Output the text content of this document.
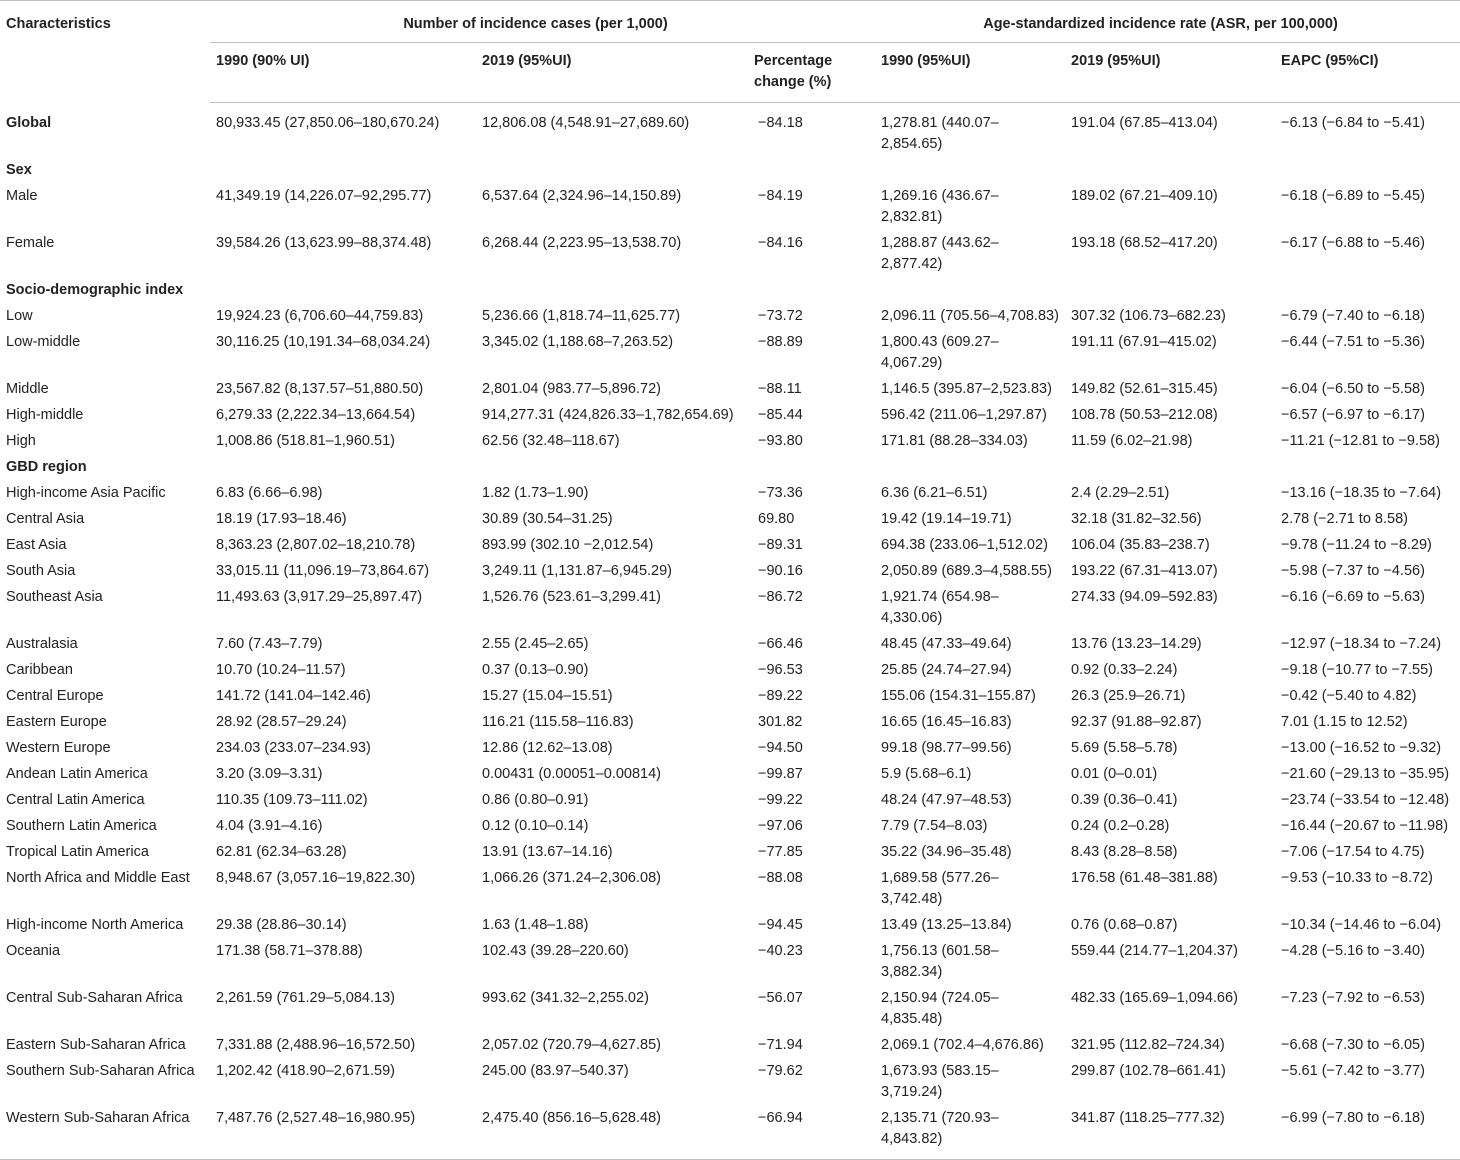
Characteristics	Number of incidence cases (per 1,000)			Age-standardized incidence rate (ASR, per 100,000)		
	1990 (90% UI)	2019 (95%UI)	Percentage change (%)	1990 (95%UI)	2019 (95%UI)	EAPC (95%CI)
Global	80,933.45 (27,850.06–180,670.24)	12,806.08 (4,548.91–27,689.60)	−84.18	1,278.81 (440.07–2,854.65)	191.04 (67.85–413.04)	−6.13 (−6.84 to −5.41)
Sex						
Male	41,349.19 (14,226.07–92,295.77)	6,537.64 (2,324.96–14,150.89)	−84.19	1,269.16 (436.67–2,832.81)	189.02 (67.21–409.10)	−6.18 (−6.89 to −5.45)
Female	39,584.26 (13,623.99–88,374.48)	6,268.44 (2,223.95–13,538.70)	−84.16	1,288.87 (443.62–2,877.42)	193.18 (68.52–417.20)	−6.17 (−6.88 to −5.46)
Socio-demographic index						
Low	19,924.23 (6,706.60–44,759.83)	5,236.66 (1,818.74–11,625.77)	−73.72	2,096.11 (705.56–4,708.83)	307.32 (106.73–682.23)	−6.79 (−7.40 to −6.18)
Low-middle	30,116.25 (10,191.34–68,034.24)	3,345.02 (1,188.68–7,263.52)	−88.89	1,800.43 (609.27–4,067.29)	191.11 (67.91–415.02)	−6.44 (−7.51 to −5.36)
Middle	23,567.82 (8,137.57–51,880.50)	2,801.04 (983.77–5,896.72)	−88.11	1,146.5 (395.87–2,523.83)	149.82 (52.61–315.45)	−6.04 (−6.50 to −5.58)
High-middle	6,279.33 (2,222.34–13,664.54)	914,277.31 (424,826.33–1,782,654.69)	−85.44	596.42 (211.06–1,297.87)	108.78 (50.53–212.08)	−6.57 (−6.97 to −6.17)
High	1,008.86 (518.81–1,960.51)	62.56 (32.48–118.67)	−93.80	171.81 (88.28–334.03)	11.59 (6.02–21.98)	−11.21 (−12.81 to −9.58)
GBD region						
High-income Asia Pacific	6.83 (6.66–6.98)	1.82 (1.73–1.90)	−73.36	6.36 (6.21–6.51)	2.4 (2.29–2.51)	−13.16 (−18.35 to −7.64)
Central Asia	18.19 (17.93–18.46)	30.89 (30.54–31.25)	69.80	19.42 (19.14–19.71)	32.18 (31.82–32.56)	2.78 (−2.71 to 8.58)
East Asia	8,363.23 (2,807.02–18,210.78)	893.99 (302.10 −2,012.54)	−89.31	694.38 (233.06–1,512.02)	106.04 (35.83–238.7)	−9.78 (−11.24 to −8.29)
South Asia	33,015.11 (11,096.19–73,864.67)	3,249.11 (1,131.87–6,945.29)	−90.16	2,050.89 (689.3–4,588.55)	193.22 (67.31–413.07)	−5.98 (−7.37 to −4.56)
Southeast Asia	11,493.63 (3,917.29–25,897.47)	1,526.76 (523.61–3,299.41)	−86.72	1,921.74 (654.98–4,330.06)	274.33 (94.09–592.83)	−6.16 (−6.69 to −5.63)
Australasia	7.60 (7.43–7.79)	2.55 (2.45–2.65)	−66.46	48.45 (47.33–49.64)	13.76 (13.23–14.29)	−12.97 (−18.34 to −7.24)
Caribbean	10.70 (10.24–11.57)	0.37 (0.13–0.90)	−96.53	25.85 (24.74–27.94)	0.92 (0.33–2.24)	−9.18 (−10.77 to −7.55)
Central Europe	141.72 (141.04–142.46)	15.27 (15.04–15.51)	−89.22	155.06 (154.31–155.87)	26.3 (25.9–26.71)	−0.42 (−5.40 to 4.82)
Eastern Europe	28.92 (28.57–29.24)	116.21 (115.58–116.83)	301.82	16.65 (16.45–16.83)	92.37 (91.88–92.87)	7.01 (1.15 to 12.52)
Western Europe	234.03 (233.07–234.93)	12.86 (12.62–13.08)	−94.50	99.18 (98.77–99.56)	5.69 (5.58–5.78)	−13.00 (−16.52 to −9.32)
Andean Latin America	3.20 (3.09–3.31)	0.00431 (0.00051–0.00814)	−99.87	5.9 (5.68–6.1)	0.01 (0–0.01)	−21.60 (−29.13 to −35.95)
Central Latin America	110.35 (109.73–111.02)	0.86 (0.80–0.91)	−99.22	48.24 (47.97–48.53)	0.39 (0.36–0.41)	−23.74 (−33.54 to −12.48)
Southern Latin America	4.04 (3.91–4.16)	0.12 (0.10–0.14)	−97.06	7.79 (7.54–8.03)	0.24 (0.2–0.28)	−16.44 (−20.67 to −11.98)
Tropical Latin America	62.81 (62.34–63.28)	13.91 (13.67–14.16)	−77.85	35.22 (34.96–35.48)	8.43 (8.28–8.58)	−7.06 (−17.54 to 4.75)
North Africa and Middle East	8,948.67 (3,057.16–19,822.30)	1,066.26 (371.24–2,306.08)	−88.08	1,689.58 (577.26–3,742.48)	176.58 (61.48–381.88)	−9.53 (−10.33 to −8.72)
High-income North America	29.38 (28.86–30.14)	1.63 (1.48–1.88)	−94.45	13.49 (13.25–13.84)	0.76 (0.68–0.87)	−10.34 (−14.46 to −6.04)
Oceania	171.38 (58.71–378.88)	102.43 (39.28–220.60)	−40.23	1,756.13 (601.58–3,882.34)	559.44 (214.77–1,204.37)	−4.28 (−5.16 to −3.40)
Central Sub-Saharan Africa	2,261.59 (761.29–5,084.13)	993.62 (341.32–2,255.02)	−56.07	2,150.94 (724.05–4,835.48)	482.33 (165.69–1,094.66)	−7.23 (−7.92 to −6.53)
Eastern Sub-Saharan Africa	7,331.88 (2,488.96–16,572.50)	2,057.02 (720.79–4,627.85)	−71.94	2,069.1 (702.4–4,676.86)	321.95 (112.82–724.34)	−6.68 (−7.30 to −6.05)
Southern Sub-Saharan Africa	1,202.42 (418.90–2,671.59)	245.00 (83.97–540.37)	−79.62	1,673.93 (583.15–3,719.24)	299.87 (102.78–661.41)	−5.61 (−7.42 to −3.77)
Western Sub-Saharan Africa	7,487.76 (2,527.48–16,980.95)	2,475.40 (856.16–5,628.48)	−66.94	2,135.71 (720.93–4,843.82)	341.87 (118.25–777.32)	−6.99 (−7.80 to −6.18)
